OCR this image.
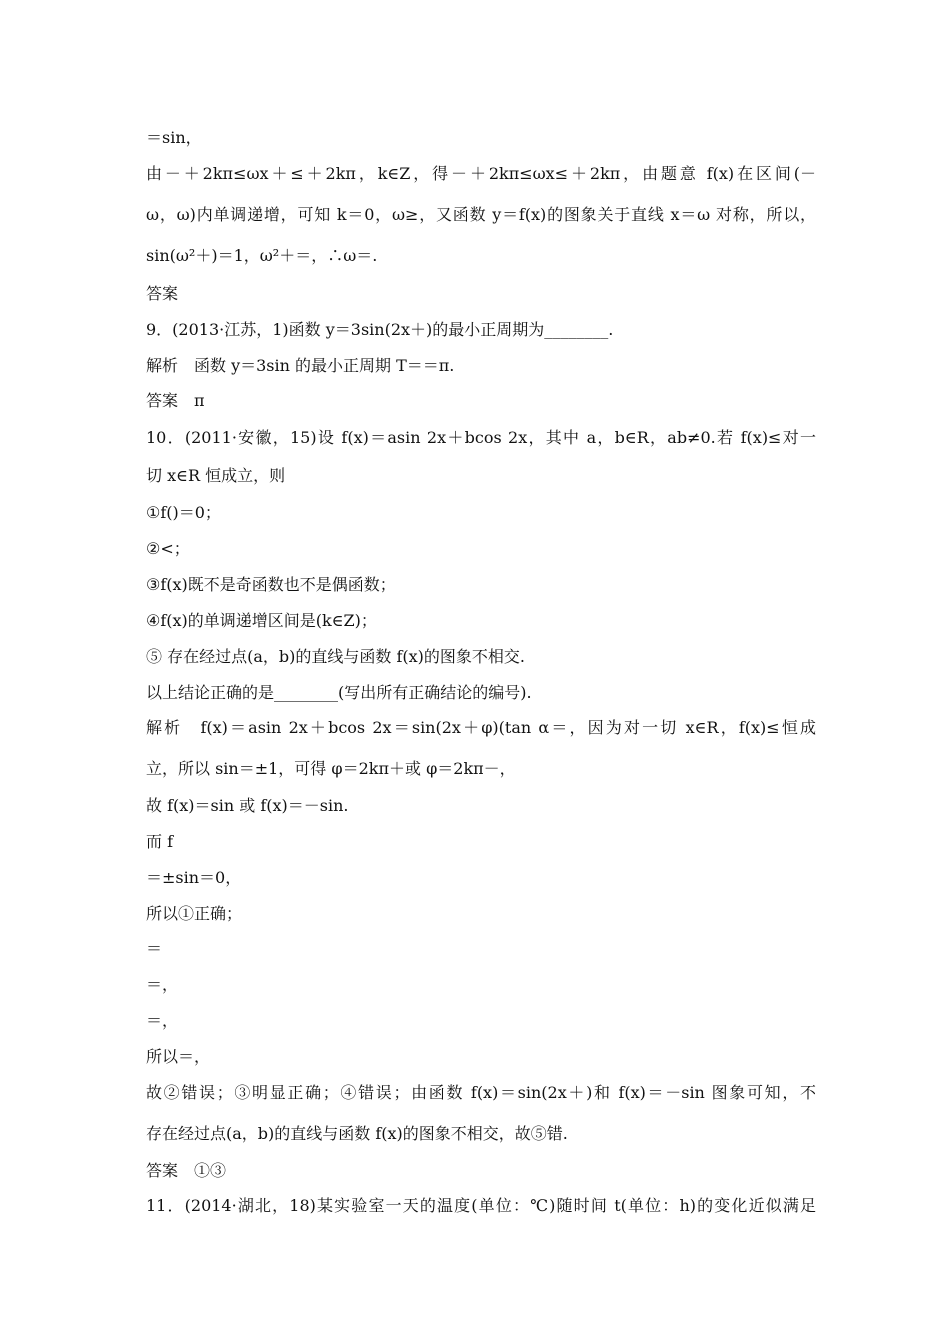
＝sin，
由－＋2kπ≤ωx＋≤＋2kπ，k∈Z，得－＋2kπ≤ωx≤＋2kπ，由题意 f(x)在区间(－
ω，ω)内单调递增，可知 k＝0，ω≥，又函数 y＝f(x)的图象关于直线 x＝ω 对称，所以，
sin(ω²＋)＝1，ω²＋＝，∴ω＝.
答案
9．(2013·江苏，1)函数 y＝3sin(2x＋)的最小正周期为________.
解析　函数 y＝3sin 的最小正周期 T＝＝π.
答案　π
10．(2011·安徽，15)设 f(x)＝asin 2x＋bcos 2x，其中 a，b∈R，ab≠0.若 f(x)≤对一
切 x∈R 恒成立，则
①f()＝0；
②<；
③f(x)既不是奇函数也不是偶函数；
④f(x)的单调递增区间是(k∈Z)；
⑤ 存在经过点(a，b)的直线与函数 f(x)的图象不相交.
以上结论正确的是________(写出所有正确结论的编号).
解析　f(x)＝asin 2x＋bcos 2x＝sin(2x＋φ)(tan α＝，因为对一切 x∈R，f(x)≤恒成
立，所以 sin＝±1，可得 φ＝2kπ＋或 φ＝2kπ－，
故 f(x)＝sin 或 f(x)＝－sin.
而 f
＝±sin＝0，
所以①正确；
＝
＝，
＝，
所以＝，
故②错误；③明显正确；④错误；由函数 f(x)＝sin(2x＋)和 f(x)＝－sin 图象可知，不
存在经过点(a，b)的直线与函数 f(x)的图象不相交，故⑤错.
答案　①③
11．(2014·湖北，18)某实验室一天的温度(单位：℃)随时间 t(单位：h)的变化近似满足
